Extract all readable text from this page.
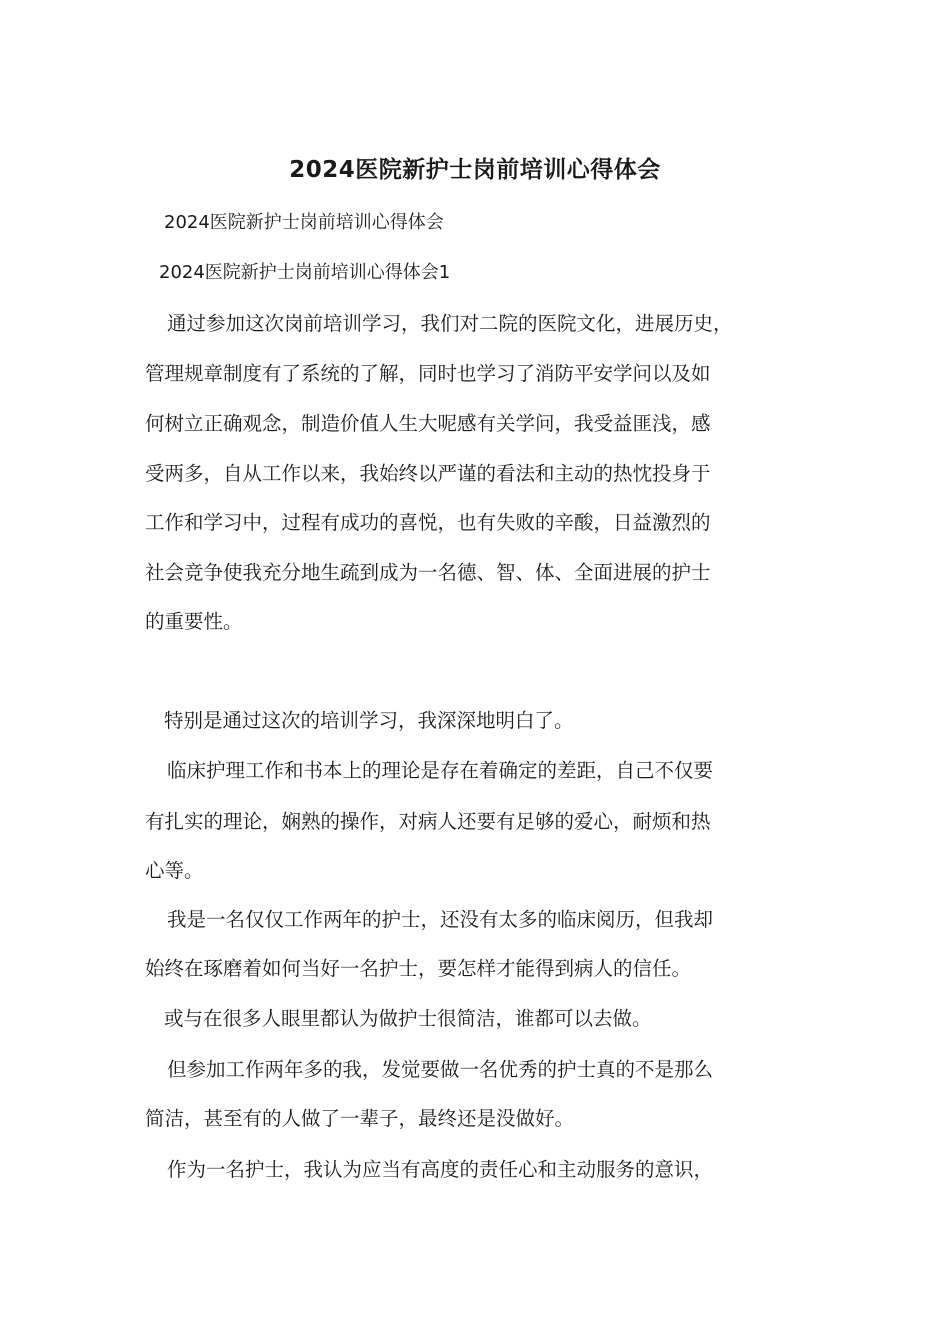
2024医院新护士岗前培训心得体会
2024医院新护士岗前培训心得体会
2024医院新护士岗前培训心得体会1
通过参加这次岗前培训学习，我们对二院的医院文化，进展历史，
管理规章制度有了系统的了解，同时也学习了消防平安学问以及如
何树立正确观念，制造价值人生大呢感有关学问，我受益匪浅，感
受两多，自从工作以来，我始终以严谨的看法和主动的热忱投身于
工作和学习中，过程有成功的喜悦，也有失败的辛酸，日益激烈的
社会竞争使我充分地生疏到成为一名德、智、体、全面进展的护士
的重要性。
特别是通过这次的培训学习，我深深地明白了。
临床护理工作和书本上的理论是存在着确定的差距，自己不仅要
有扎实的理论，娴熟的操作，对病人还要有足够的爱心，耐烦和热
心等。
我是一名仅仅工作两年的护士，还没有太多的临床阅历，但我却
始终在琢磨着如何当好一名护士，要怎样才能得到病人的信任。
或与在很多人眼里都认为做护士很简洁，谁都可以去做。
但参加工作两年多的我，发觉要做一名优秀的护士真的不是那么
简洁，甚至有的人做了一辈子，最终还是没做好。
作为一名护士，我认为应当有高度的责任心和主动服务的意识，
